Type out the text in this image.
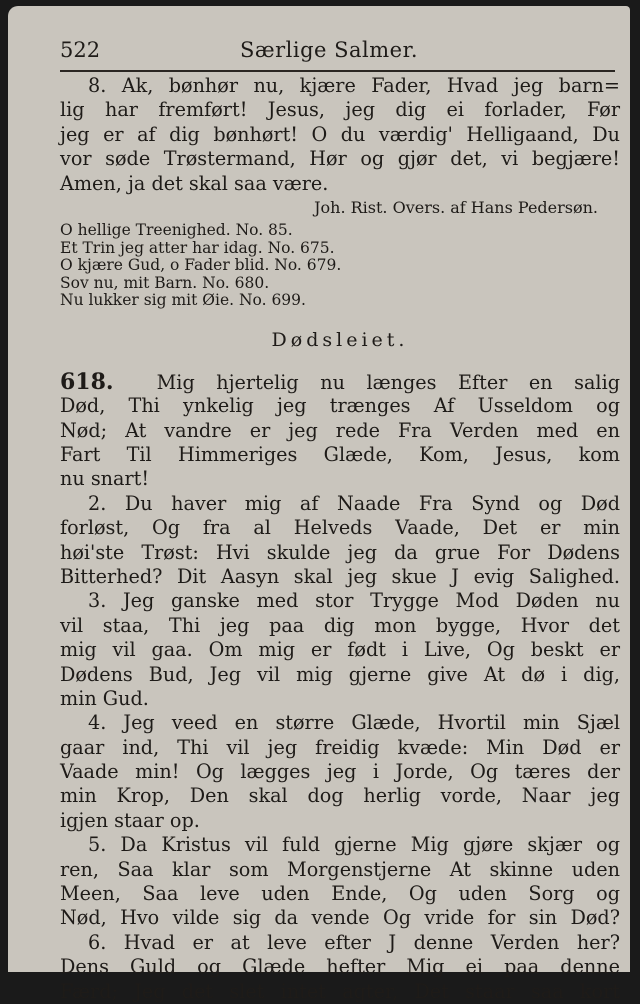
522	Særlige Salmer.
8. Ak, bønhør nu, kjære Fader, Hvad jeg barn=
lig har fremført! Jesus, jeg dig ei forlader, Før
jeg er af dig bønhørt! O du værdig' Helligaand, Du
vor søde Trøstermand, Hør og gjør det, vi begjære!
Amen, ja det skal saa være.
Joh. Rist. Overs. af Hans Pedersøn.
O hellige Treenighed. No. 85.
Et Trin jeg atter har idag. No. 675.
O kjære Gud, o Fader blid. No. 679.
Sov nu, mit Barn. No. 680.
Nu lukker sig mit Øie. No. 699.
Dødsleiet.
618. Mig hjertelig nu længes Efter en salig
Død, Thi ynkelig jeg trænges Af Usseldom og
Nød; At vandre er jeg rede Fra Verden med en
Fart Til Himmeriges Glæde, Kom, Jesus, kom
nu snart!
2. Du haver mig af Naade Fra Synd og Død
forløst, Og fra al Helveds Vaade, Det er min
høi'ste Trøst: Hvi skulde jeg da grue For Dødens
Bitterhed? Dit Aasyn skal jeg skue J evig Salighed.
3. Jeg ganske med stor Trygge Mod Døden nu
vil staa, Thi jeg paa dig mon bygge, Hvor det
mig vil gaa. Om mig er født i Live, Og beskt er
Dødens Bud, Jeg vil mig gjerne give At dø i dig,
min Gud.
4. Jeg veed en større Glæde, Hvortil min Sjæl
gaar ind, Thi vil jeg freidig kvæde: Min Død er
Vaade min! Og lægges jeg i Jorde, Og tæres der
min Krop, Den skal dog herlig vorde, Naar jeg
igjen staar op.
5. Da Kristus vil fuld gjerne Mig gjøre skjær og
ren, Saa klar som Morgenstjerne At skinne uden
Meen, Saa leve uden Ende, Og uden Sorg og
Nød, Hvo vilde sig da vende Og vride for sin Død?
6. Hvad er at leve efter J denne Verden her?
Dens Guld og Glæde hefter Mig ei paa denne
Færd; Jeg det slet intet agter, Det staar saa kort
